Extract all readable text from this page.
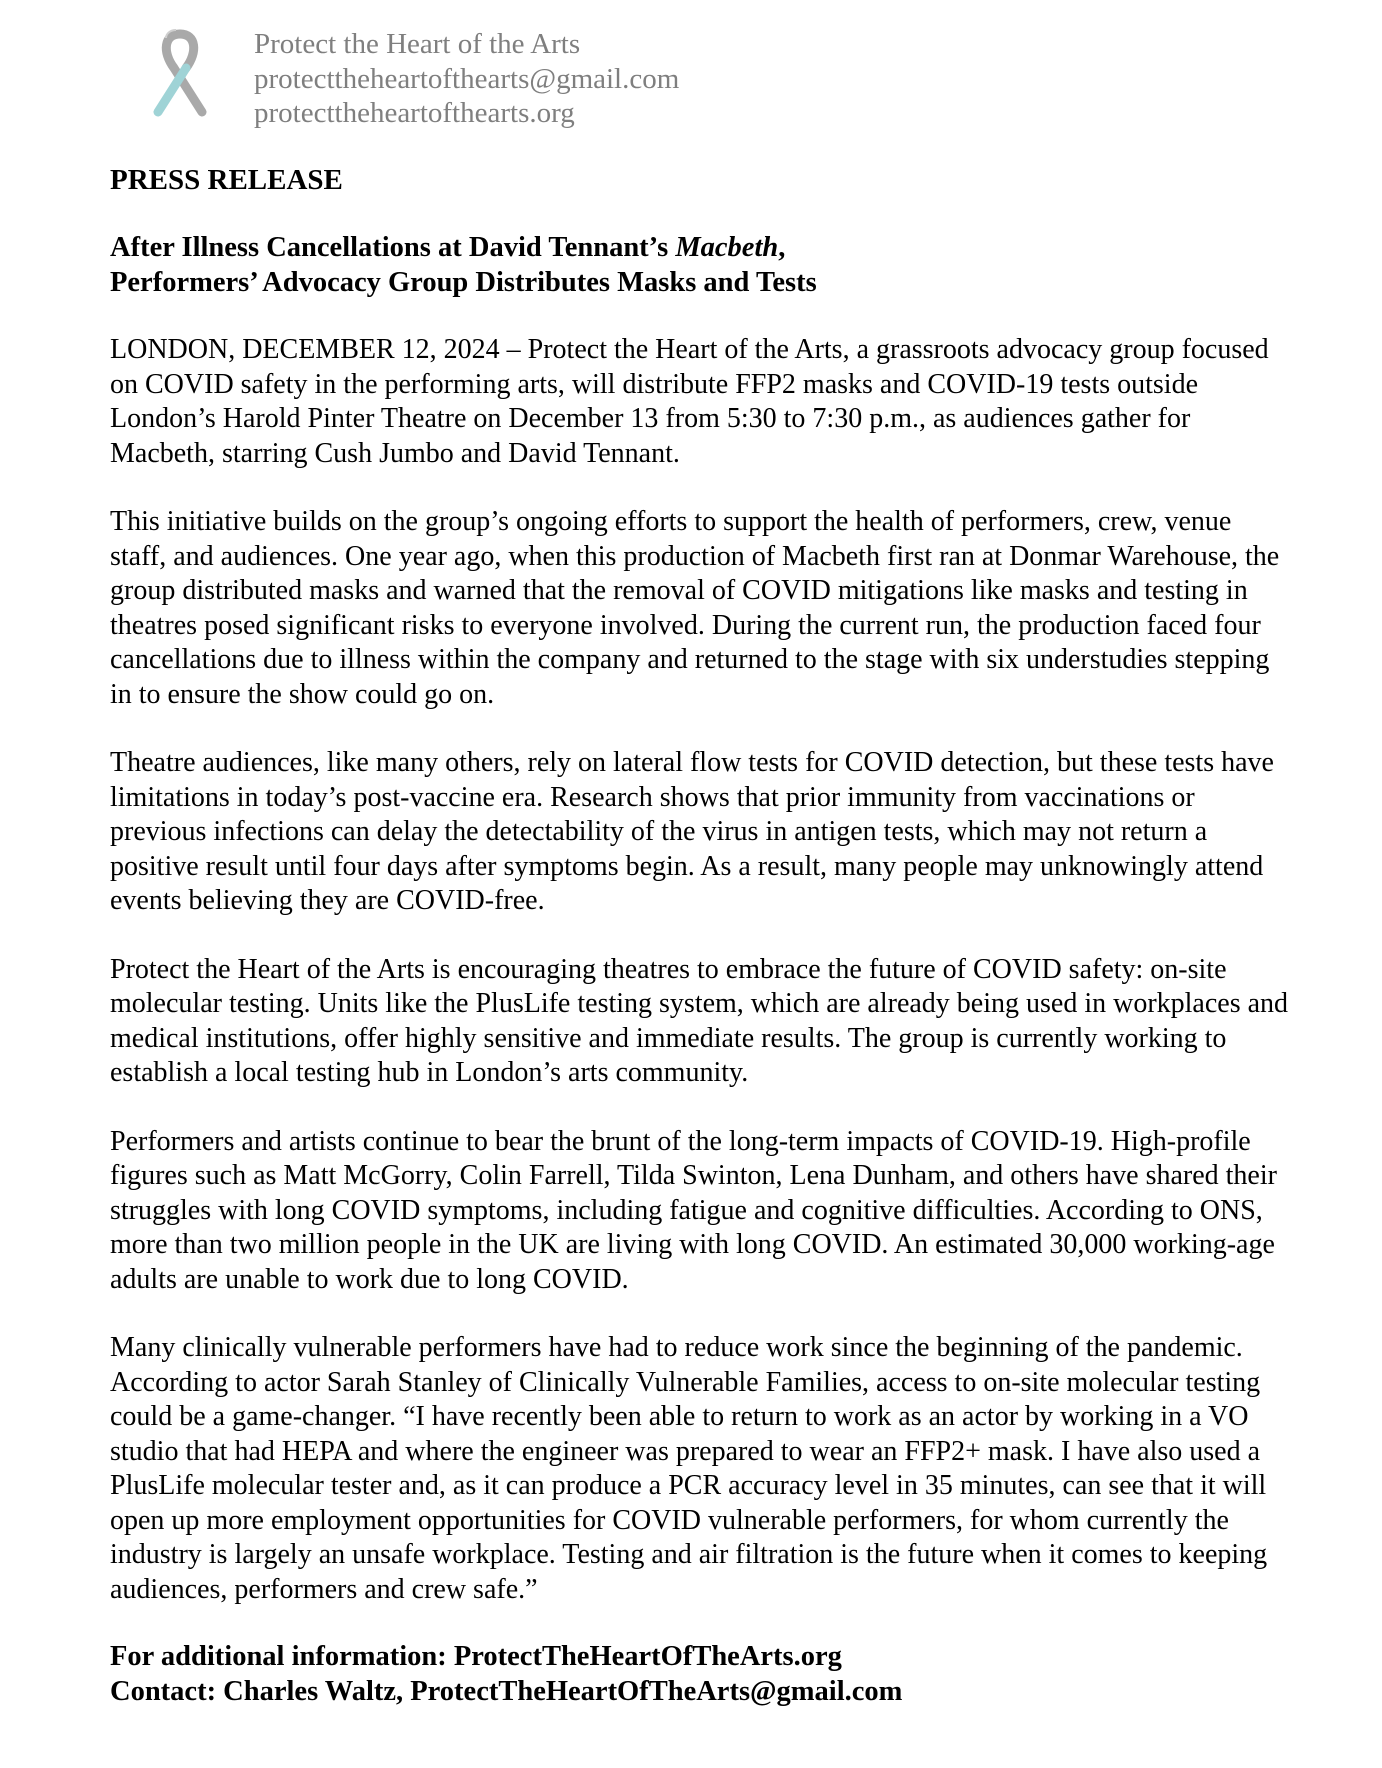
Protect the Heart of the Arts
protecttheheartofthearts@gmail.com
protecttheheartofthearts.org

PRESS RELEASE

After Illness Cancellations at David Tennant’s Macbeth,
Performers’ Advocacy Group Distributes Masks and Tests

LONDON, DECEMBER 12, 2024 – Protect the Heart of the Arts, a grassroots advocacy group focused on COVID safety in the performing arts, will distribute FFP2 masks and COVID-19 tests outside London’s Harold Pinter Theatre on December 13 from 5:30 to 7:30 p.m., as audiences gather for Macbeth, starring Cush Jumbo and David Tennant.

This initiative builds on the group’s ongoing efforts to support the health of performers, crew, venue staff, and audiences. One year ago, when this production of Macbeth first ran at Donmar Warehouse, the group distributed masks and warned that the removal of COVID mitigations like masks and testing in theatres posed significant risks to everyone involved. During the current run, the production faced four cancellations due to illness within the company and returned to the stage with six understudies stepping in to ensure the show could go on.

Theatre audiences, like many others, rely on lateral flow tests for COVID detection, but these tests have limitations in today’s post-vaccine era. Research shows that prior immunity from vaccinations or previous infections can delay the detectability of the virus in antigen tests, which may not return a positive result until four days after symptoms begin. As a result, many people may unknowingly attend events believing they are COVID-free.

Protect the Heart of the Arts is encouraging theatres to embrace the future of COVID safety: on-site molecular testing. Units like the PlusLife testing system, which are already being used in workplaces and medical institutions, offer highly sensitive and immediate results. The group is currently working to establish a local testing hub in London’s arts community.

Performers and artists continue to bear the brunt of the long-term impacts of COVID-19. High-profile figures such as Matt McGorry, Colin Farrell, Tilda Swinton, Lena Dunham, and others have shared their struggles with long COVID symptoms, including fatigue and cognitive difficulties. According to ONS, more than two million people in the UK are living with long COVID. An estimated 30,000 working-age adults are unable to work due to long COVID.

Many clinically vulnerable performers have had to reduce work since the beginning of the pandemic. According to actor Sarah Stanley of Clinically Vulnerable Families, access to on-site molecular testing could be a game-changer. “I have recently been able to return to work as an actor by working in a VO studio that had HEPA and where the engineer was prepared to wear an FFP2+ mask. I have also used a PlusLife molecular tester and, as it can produce a PCR accuracy level in 35 minutes, can see that it will open up more employment opportunities for COVID vulnerable performers, for whom currently the industry is largely an unsafe workplace. Testing and air filtration is the future when it comes to keeping audiences, performers and crew safe.”

For additional information: ProtectTheHeartOfTheArts.org
Contact: Charles Waltz, ProtectTheHeartOfTheArts@gmail.com
